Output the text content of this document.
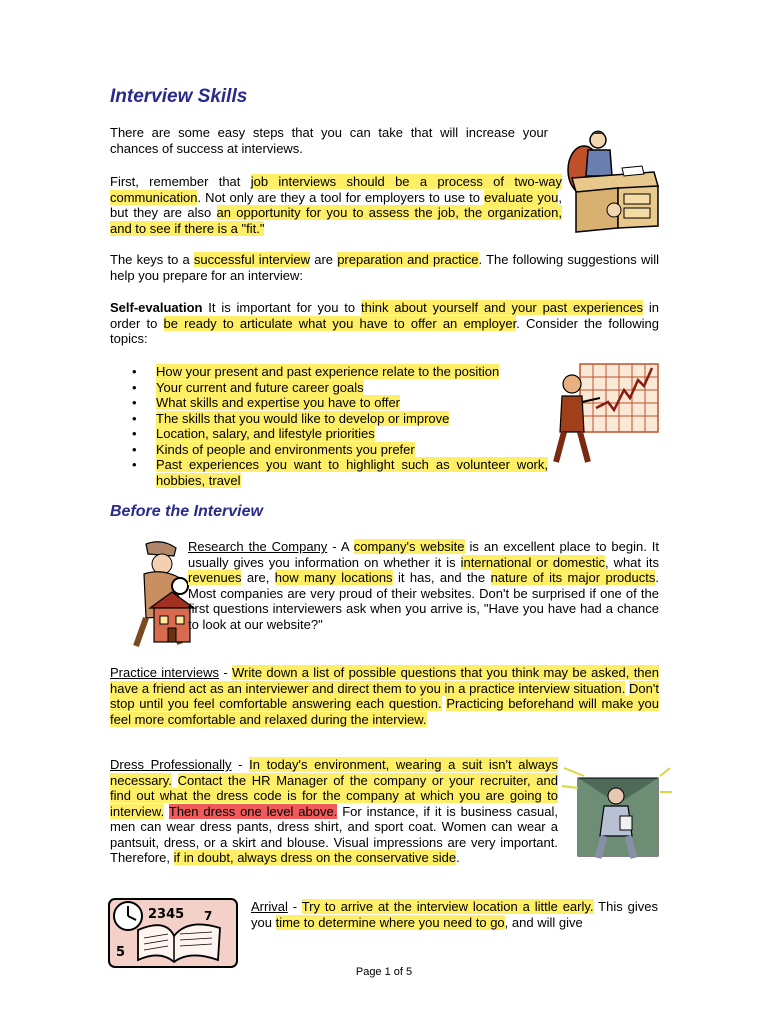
Interview Skills
There are some easy steps that you can take that will increase your chances of success at interviews.
First, remember that job interviews should be a process of two-way communication. Not only are they a tool for employers to use to evaluate you, but they are also an opportunity for you to assess the job, the organization, and to see if there is a "fit."
The keys to a successful interview are preparation and practice. The following suggestions will help you prepare for an interview:
Self-evaluation It is important for you to think about yourself and your past experiences in order to be ready to articulate what you have to offer an employer. Consider the following topics:
• How your present and past experience relate to the position
• Your current and future career goals
• What skills and expertise you have to offer
• The skills that you would like to develop or improve
• Location, salary, and lifestyle priorities
• Kinds of people and environments you prefer
• Past experiences you want to highlight such as volunteer work, hobbies, travel
Before the Interview
Research the Company - A company's website is an excellent place to begin. It usually gives you information on whether it is international or domestic, what its revenues are, how many locations it has, and the nature of its major products. Most companies are very proud of their websites. Don't be surprised if one of the first questions interviewers ask when you arrive is, "Have you have had a chance to look at our website?"
Practice interviews - Write down a list of possible questions that you think may be asked, then have a friend act as an interviewer and direct them to you in a practice interview situation. Don't stop until you feel comfortable answering each question. Practicing beforehand will make you feel more comfortable and relaxed during the interview.
Dress Professionally - In today's environment, wearing a suit isn't always necessary. Contact the HR Manager of the company or your recruiter, and find out what the dress code is for the company at which you are going to interview. Then dress one level above. For instance, if it is business casual, men can wear dress pants, dress shirt, and sport coat. Women can wear a pantsuit, dress, or a skirt and blouse. Visual impressions are very important. Therefore, if in doubt, always dress on the conservative side.
2345 7
5
Arrival - Try to arrive at the interview location a little early. This gives you time to determine where you need to go, and will give
Page 1 of 5
